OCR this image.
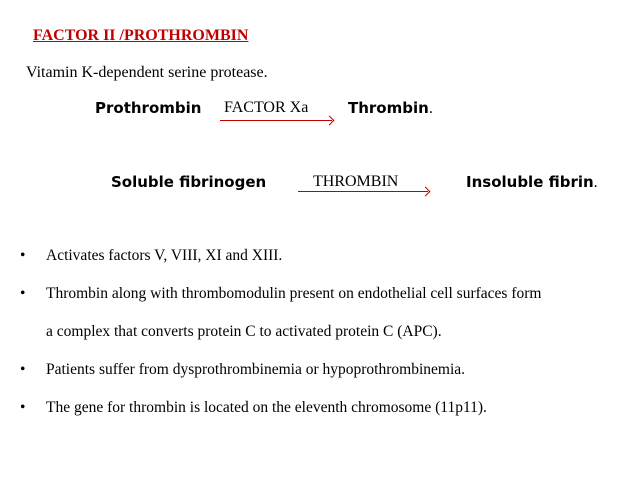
FACTOR II /PROTHROMBIN
Vitamin K-dependent serine protease.
Prothrombin FACTOR Xa	Thrombin.
Soluble fibrinogen	THROMBIN	Insoluble fibrin.
•	Activates factors V, VIII, XI and XIII.
•	Thrombin along with thrombomodulin present on endothelial cell surfaces form
a complex that converts protein C to activated protein C (APC).
•	Patients suffer from dysprothrombinemia or hypoprothrombinemia.
•	The gene for thrombin is located on the eleventh chromosome (11p11).
